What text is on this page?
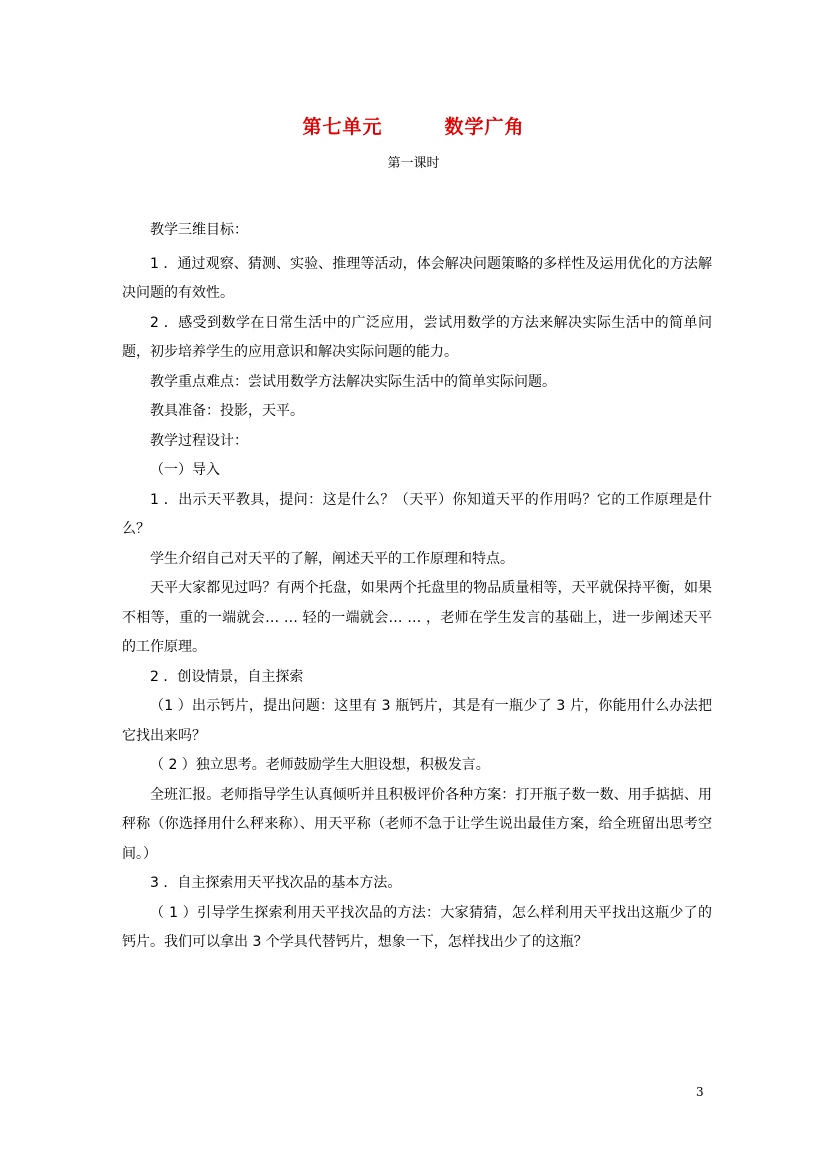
第七单元	数学广角
第一课时

教学三维目标：

1 ．通过观察、猜测、实验、推理等活动，体会解决问题策略的多样性及运用优化的方法解决问题的有效性。

2 ．感受到数学在日常生活中的广泛应用，尝试用数学的方法来解决实际生活中的简单问题，初步培养学生的应用意识和解决实际问题的能力。

教学重点难点：尝试用数学方法解决实际生活中的简单实际问题。

教具准备：投影，天平。

教学过程设计：

（一）导入

1 ．出示天平教具，提问：这是什么？（天平）你知道天平的作用吗？它的工作原理是什么？

学生介绍自己对天平的了解，阐述天平的工作原理和特点。

天平大家都见过吗？有两个托盘，如果两个托盘里的物品质量相等，天平就保持平衡，如果不相等，重的一端就会… … 轻的一端就会… … ，老师在学生发言的基础上，进一步阐述天平的工作原理。

2 ．创设情景，自主探索

（1 ）出示钙片，提出问题：这里有 3 瓶钙片，其是有一瓶少了 3 片，你能用什么办法把它找出来吗？

（ 2 ）独立思考。老师鼓励学生大胆设想，积极发言。

全班汇报。老师指导学生认真倾听并且积极评价各种方案：打开瓶子数一数、用手掂掂、用秤称（你选择用什么秤来称）、用天平称（老师不急于让学生说出最佳方案，给全班留出思考空间。）

3 ．自主探索用天平找次品的基本方法。

（ 1 ）引导学生探索利用天平找次品的方法：大家猜猜，怎么样利用天平找出这瓶少了的钙片。我们可以拿出 3 个学具代替钙片，想象一下，怎样找出少了的这瓶？

3
